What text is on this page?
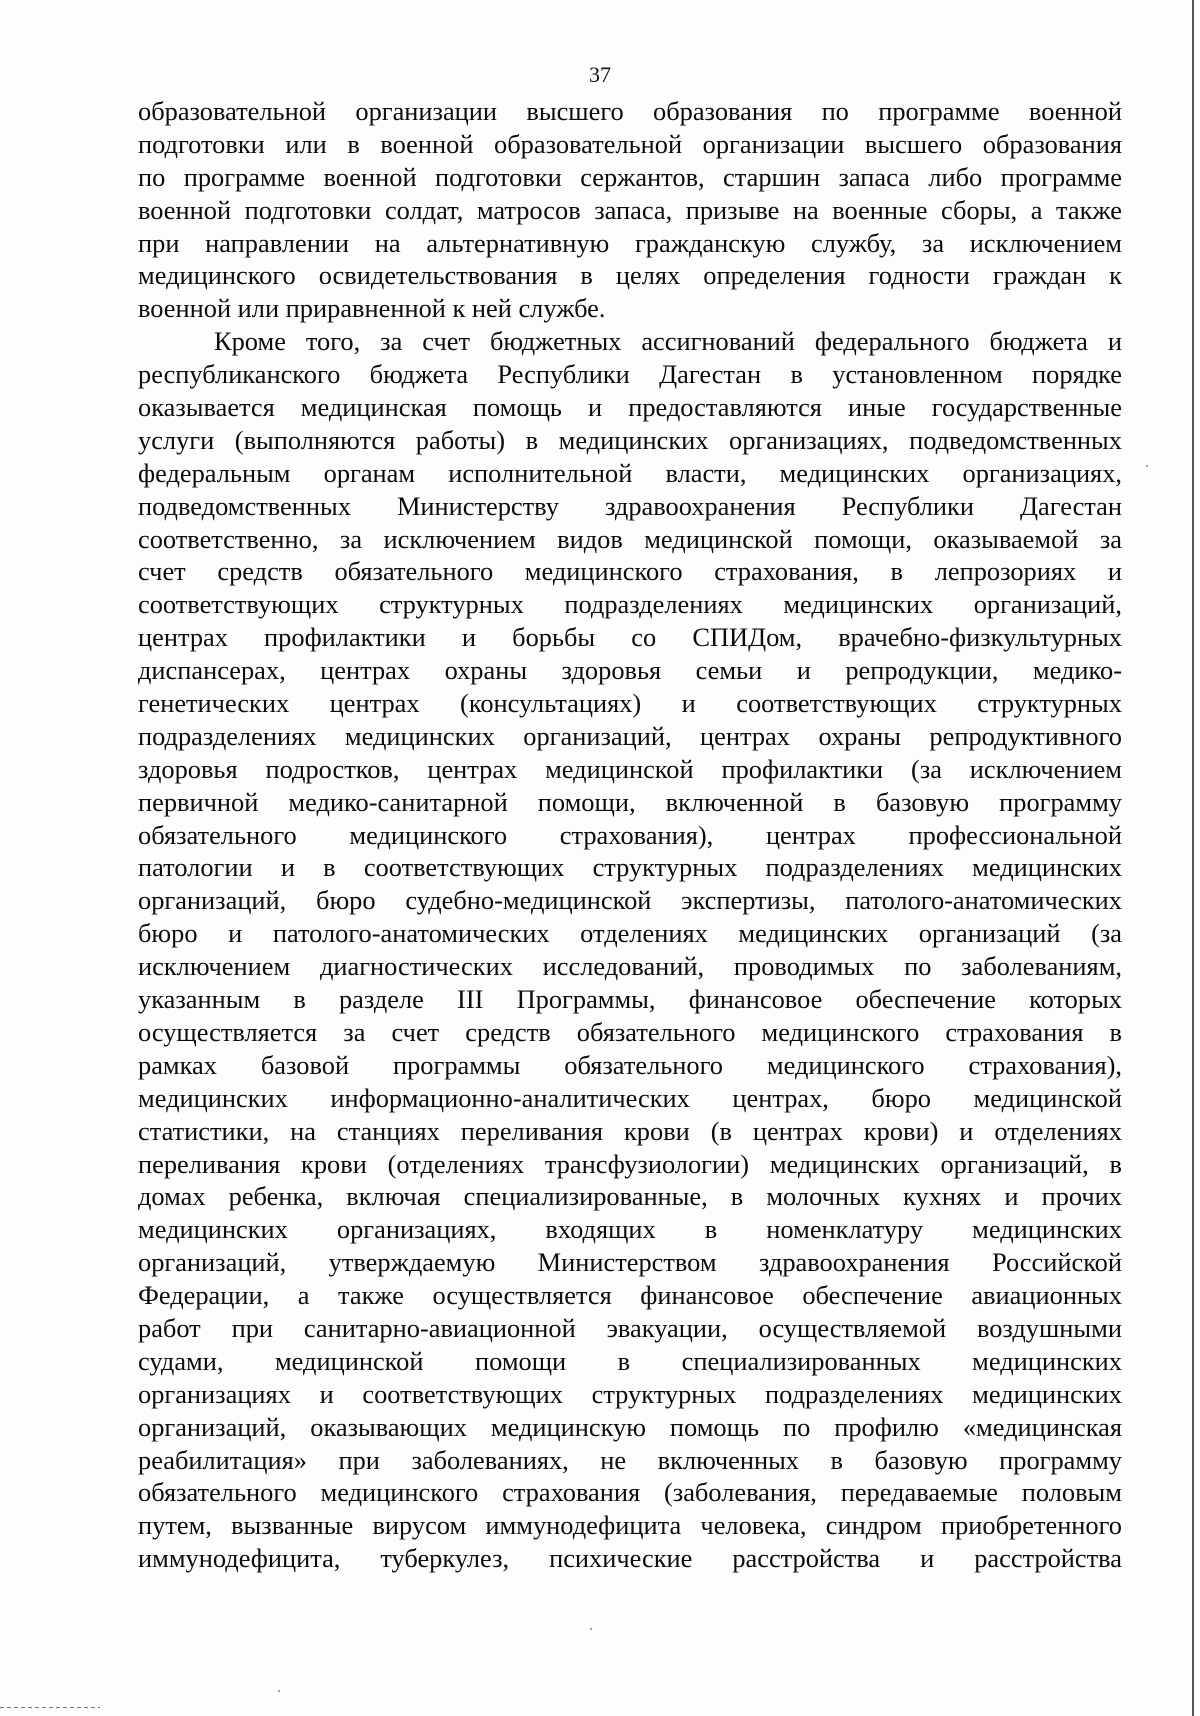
37
образовательной организации высшего образования по программе военной
подготовки или в военной образовательной организации высшего образования
по программе военной подготовки сержантов, старшин запаса либо программе
военной подготовки солдат, матросов запаса, призыве на военные сборы, а также
при направлении на альтернативную гражданскую службу, за исключением
медицинского освидетельствования в целях определения годности граждан к
военной или приравненной к ней службе.
Кроме того, за счет бюджетных ассигнований федерального бюджета и
республиканского бюджета Республики Дагестан в установленном порядке
оказывается медицинская помощь и предоставляются иные государственные
услуги (выполняются работы) в медицинских организациях, подведомственных
федеральным органам исполнительной власти, медицинских организациях,
подведомственных Министерству здравоохранения Республики Дагестан
соответственно, за исключением видов медицинской помощи, оказываемой за
счет средств обязательного медицинского страхования, в лепрозориях и
соответствующих структурных подразделениях медицинских организаций,
центрах профилактики и борьбы со СПИДом, врачебно-физкультурных
диспансерах, центрах охраны здоровья семьи и репродукции, медико-
генетических центрах (консультациях) и соответствующих структурных
подразделениях медицинских организаций, центрах охраны репродуктивного
здоровья подростков, центрах медицинской профилактики (за исключением
первичной медико-санитарной помощи, включенной в базовую программу
обязательного медицинского страхования), центрах профессиональной
патологии и в соответствующих структурных подразделениях медицинских
организаций, бюро судебно-медицинской экспертизы, патолого-анатомических
бюро и патолого-анатомических отделениях медицинских организаций (за
исключением диагностических исследований, проводимых по заболеваниям,
указанным в разделе III Программы, финансовое обеспечение которых
осуществляется за счет средств обязательного медицинского страхования в
рамках базовой программы обязательного медицинского страхования),
медицинских информационно-аналитических центрах, бюро медицинской
статистики, на станциях переливания крови (в центрах крови) и отделениях
переливания крови (отделениях трансфузиологии) медицинских организаций, в
домах ребенка, включая специализированные, в молочных кухнях и прочих
медицинских организациях, входящих в номенклатуру медицинских
организаций, утверждаемую Министерством здравоохранения Российской
Федерации, а также осуществляется финансовое обеспечение авиационных
работ при санитарно-авиационной эвакуации, осуществляемой воздушными
судами, медицинской помощи в специализированных медицинских
организациях и соответствующих структурных подразделениях медицинских
организаций, оказывающих медицинскую помощь по профилю «медицинская
реабилитация» при заболеваниях, не включенных в базовую программу
обязательного медицинского страхования (заболевания, передаваемые половым
путем, вызванные вирусом иммунодефицита человека, синдром приобретенного
иммунодефицита, туберкулез, психические расстройства и расстройства
